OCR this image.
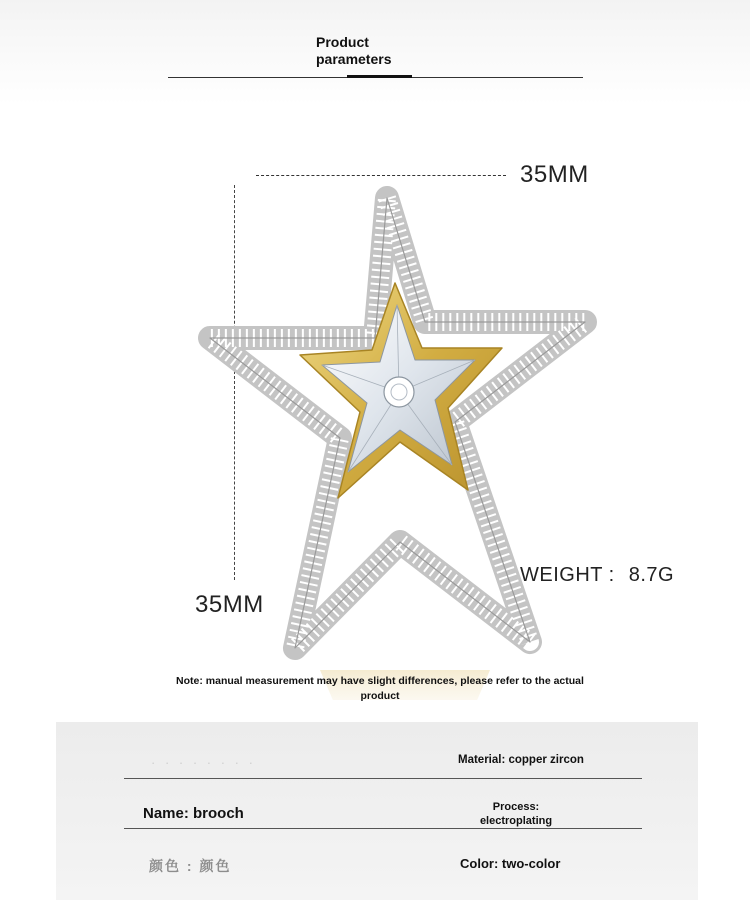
Product
parameters
35MM
35MM
WEIGHT : 8.7G
Note: manual measurement may have slight differences, please refer to the actual product
· · · · · · · ·	Material: copper zircon
Name: brooch	Process:
electroplating
颜色 : 颜色	Color: two-color
